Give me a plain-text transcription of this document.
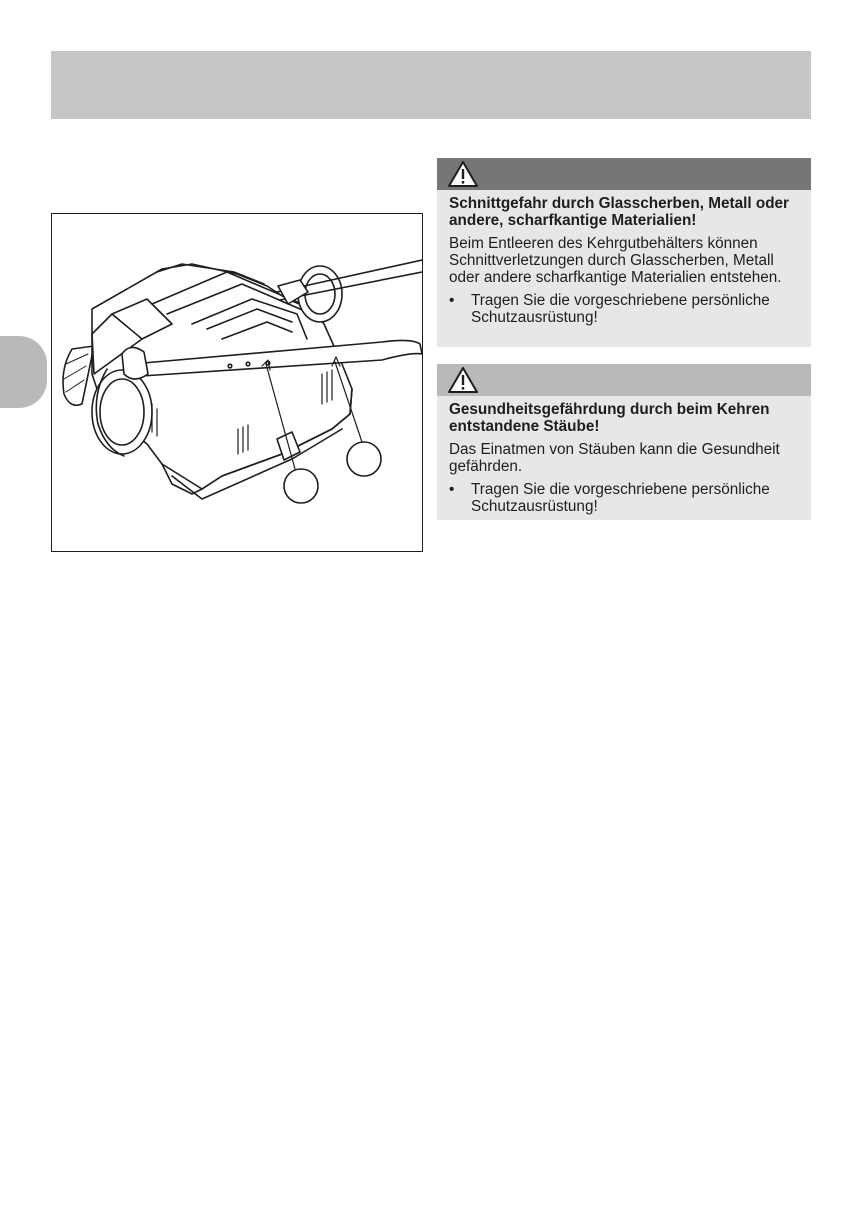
Schnittgefahr durch Glasscherben, Metall oder andere, scharfkantige Materialien!

Beim Entleeren des Kehrgutbehälters können Schnittverletzungen durch Glasscherben, Metall oder andere scharfkantige Materialien entstehen.

•	Tragen Sie die vorgeschriebene persönliche Schutzausrüstung!

Gesundheitsgefährdung durch beim Kehren entstandene Stäube!

Das Einatmen von Stäuben kann die Gesundheit gefährden.

•	Tragen Sie die vorgeschriebene persönliche Schutzausrüstung!
